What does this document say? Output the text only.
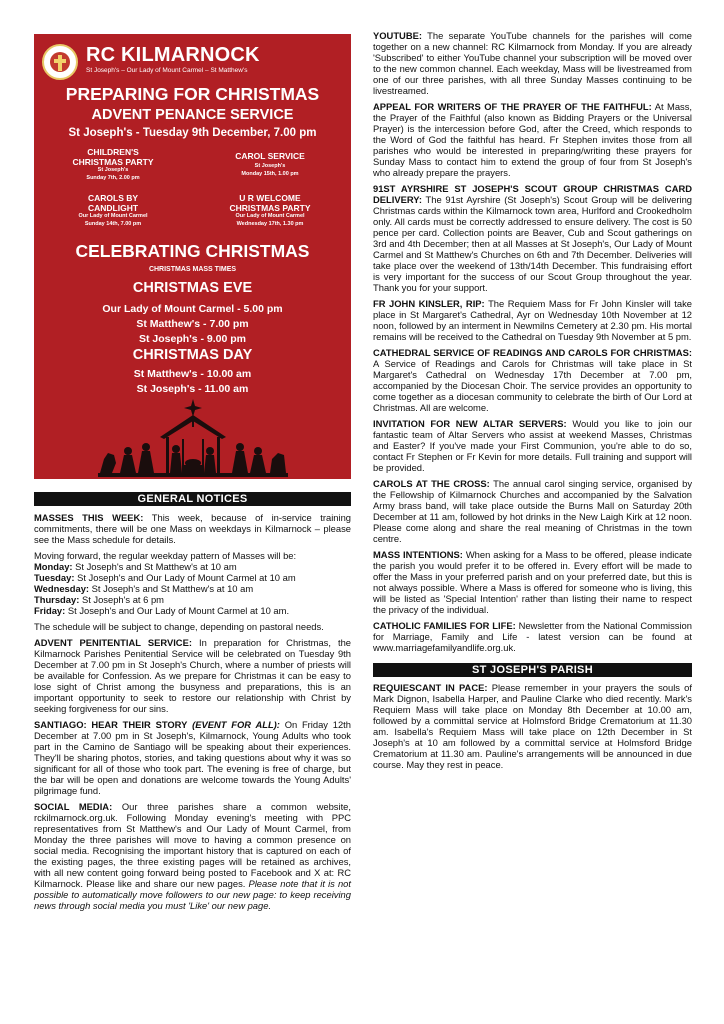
RC KILMARNOCK
St Joseph's – Our Lady of Mount Carmel – St Matthew's
PREPARING FOR CHRISTMAS
ADVENT PENANCE SERVICE
St Joseph's - Tuesday 9th December, 7.00 pm
CHILDREN'S
CHRISTMAS PARTY
St Joseph's
Sunday 7th, 2.00 pm
CAROL SERVICE
St Joseph's
Monday 15th, 1.00 pm
CAROLS BY
CANDLIGHT
Our Lady of Mount Carmel
Sunday 14th, 7.00 pm
U R WELCOME
CHRISTMAS PARTY
Our Lady of Mount Carmel
Wednesday 17th, 1.30 pm
CELEBRATING CHRISTMAS
CHRISTMAS MASS TIMES
CHRISTMAS EVE
Our Lady of Mount Carmel - 5.00 pm
St Matthew's - 7.00 pm
St Joseph's - 9.00 pm
CHRISTMAS DAY
St Matthew's - 10.00 am
St Joseph's - 11.00 am
GENERAL NOTICES

MASSES THIS WEEK: This week, because of in-service training commitments, there will be one Mass on weekdays in Kilmarnock – please see the Mass schedule for details.

Moving forward, the regular weekday pattern of Masses will be:

Monday: St Joseph's and St Matthew's at 10 am
Tuesday: St Joseph's and Our Lady of Mount Carmel at 10 am
Wednesday: St Joseph's and St Matthew's at 10 am
Thursday: St Joseph's at 6 pm
Friday: St Joseph's and Our Lady of Mount Carmel at 10 am.

The schedule will be subject to change, depending on pastoral needs.

ADVENT PENITENTIAL SERVICE: In preparation for Christmas, the Kilmarnock Parishes Penitential Service will be celebrated on Tuesday 9th December at 7.00 pm in St Joseph's Church, where a number of priests will be available for Confession. As we prepare for Christmas it can be easy to lose sight of Christ among the busyness and preparations, this is an important opportunity to seek to restore our relationship with Christ by seeking forgiveness for our sins.

SANTIAGO: HEAR THEIR STORY (EVENT FOR ALL): On Friday 12th December at 7.00 pm in St Joseph's, Kilmarnock, Young Adults who took part in the Camino de Santiago will be speaking about their experiences. They'll be sharing photos, stories, and taking questions about why it was so significant for all of those who took part. The evening is free of charge, but the bar will be open and donations are welcome towards the Young Adults' pilgrimage fund.

SOCIAL MEDIA: Our three parishes share a common website, rckilmarnock.org.uk. Following Monday evening's meeting with PPC representatives from St Matthew's and Our Lady of Mount Carmel, from Monday the three parishes will move to having a common presence on social media. Recognising the important history that is captured on each of the existing pages, the three existing pages will be retained as archives, with all new content going forward being posted to Facebook and X at: RC Kilmarnock. Please like and share our new pages. Please note that it is not possible to automatically move followers to our new page: to keep receiving news through social media you must 'Like' our new page.

YOUTUBE: The separate YouTube channels for the parishes will come together on a new channel: RC Kilmarnock from Monday. If you are already 'Subscribed' to either YouTube channel your subscription will be moved over to the new common channel. Each weekday, Mass will be livestreamed from one of our three parishes, with all three Sunday Masses continuing to be livestreamed.

APPEAL FOR WRITERS OF THE PRAYER OF THE FAITHFUL: At Mass, the Prayer of the Faithful (also known as Bidding Prayers or the Universal Prayer) is the intercession before God, after the Creed, which responds to the Word of God the faithful has heard. Fr Stephen invites those from all parishes who would be interested in preparing/writing these prayers for Sunday Mass to contact him to extend the group of four from St Joseph's who already prepare the prayers.

91ST AYRSHIRE ST JOSEPH'S SCOUT GROUP CHRISTMAS CARD DELIVERY: The 91st Ayrshire (St Joseph's) Scout Group will be delivering Christmas cards within the Kilmarnock town area, Hurlford and Crookedholm only. All cards must be correctly addressed to ensure delivery. The cost is 50 pence per card. Collection points are Beaver, Cub and Scout gatherings on 3rd and 4th December; then at all Masses at St Joseph's, Our Lady of Mount Carmel and St Matthew's Churches on 6th and 7th December. Deliveries will take place over the weekend of 13th/14th December. This fundraising effort is very important for the success of our Scout Group throughout the year. Thank you for your support.

FR JOHN KINSLER, RIP: The Requiem Mass for Fr John Kinsler will take place in St Margaret's Cathedral, Ayr on Wednesday 10th November at 12 noon, followed by an interment in Newmilns Cemetery at 2.30 pm. His mortal remains will be received to the Cathedral on Tuesday 9th November at 5 pm.

CATHEDRAL SERVICE OF READINGS AND CAROLS FOR CHRISTMAS: A Service of Readings and Carols for Christmas will take place in St Margaret's Cathedral on Wednesday 17th December at 7.00 pm, accompanied by the Diocesan Choir. The service provides an opportunity to come together as a diocesan community to celebrate the birth of Our Lord at Christmas. All are welcome.

INVITATION FOR NEW ALTAR SERVERS: Would you like to join our fantastic team of Altar Servers who assist at weekend Masses, Christmas and Easter? If you've made your First Communion, you're able to do so, contact Fr Stephen or Fr Kevin for more details. Full training and support will be provided.

CAROLS AT THE CROSS: The annual carol singing service, organised by the Fellowship of Kilmarnock Churches and accompanied by the Salvation Army brass band, will take place outside the Burns Mall on Saturday 20th December at 11 am, followed by hot drinks in the New Laigh Kirk at 12 noon. Please come along and share the real meaning of Christmas in the town centre.

MASS INTENTIONS: When asking for a Mass to be offered, please indicate the parish you would prefer it to be offered in. Every effort will be made to offer the Mass in your preferred parish and on your preferred date, but this is not always possible. Where a Mass is offered for someone who is living, this will be listed as 'Special Intention' rather than listing their name to respect the privacy of the individual.

CATHOLIC FAMILIES FOR LIFE: Newsletter from the National Commission for Marriage, Family and Life - latest version can be found at www.marriagefamilyandlife.org.uk.

ST JOSEPH'S PARISH

REQUIESCANT IN PACE: Please remember in your prayers the souls of Mark Dignon, Isabella Harper, and Pauline Clarke who died recently. Mark's Requiem Mass will take place on Monday 8th December at 10.00 am, followed by a committal service at Holmsford Bridge Crematorium at 11.30 am. Isabella's Requiem Mass will take place on 12th December in St Joseph's at 10 am followed by a committal service at Holmsford Bridge Crematorium at 11.30 am. Pauline's arrangements will be announced in due course. May they rest in peace.
